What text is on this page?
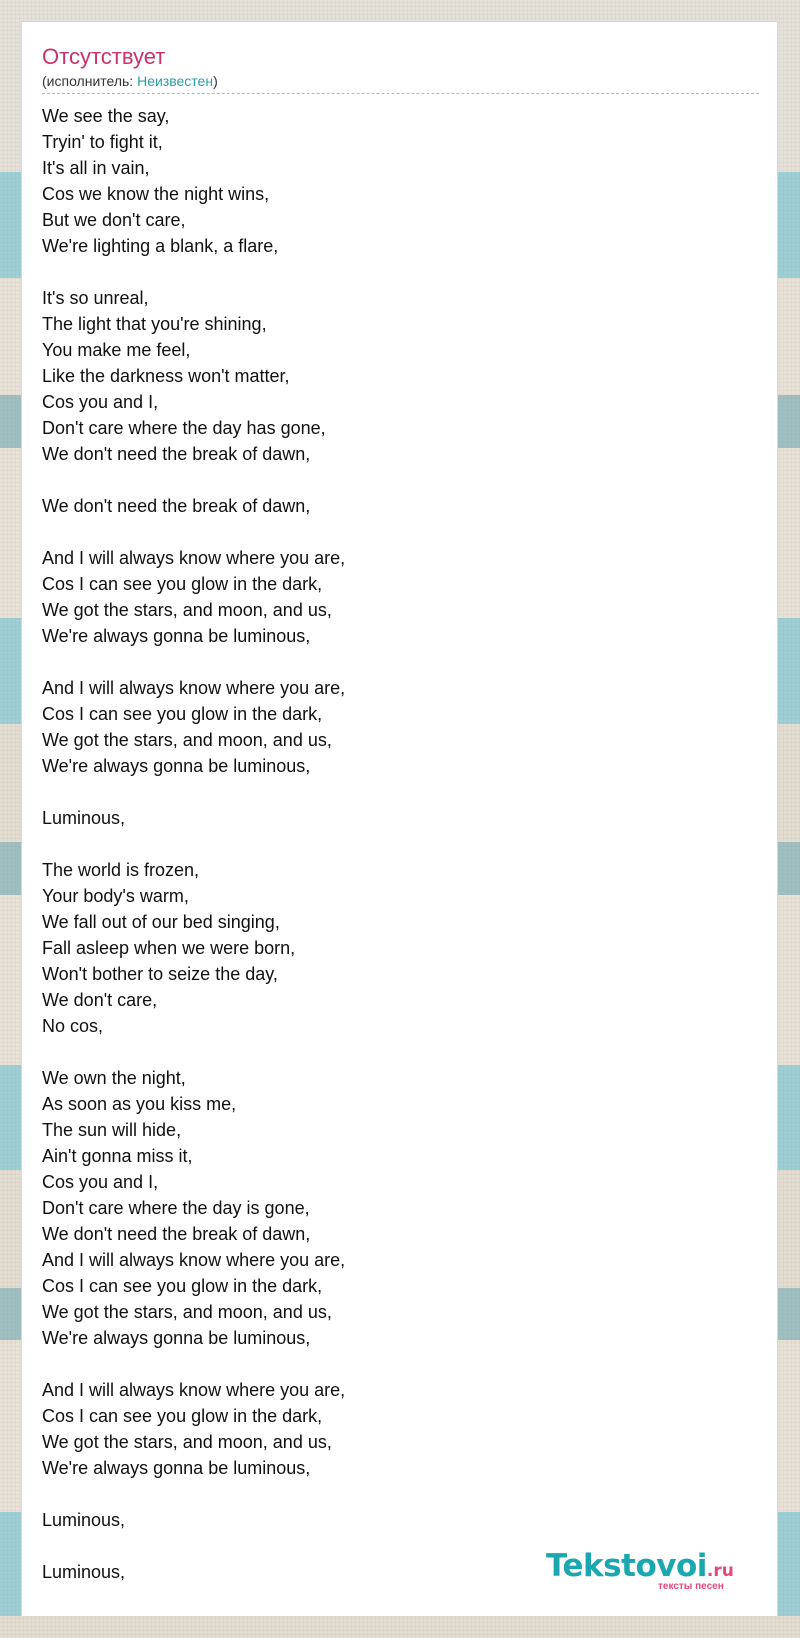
Отсутствует
(исполнитель: Неизвестен)
We see the say,
Tryin' to fight it,
It's all in vain,
Cos we know the night wins,
But we don't care,
We're lighting a blank, a flare,

It's so unreal,
The light that you're shining,
You make me feel,
Like the darkness won't matter,
Cos you and I,
Don't care where the day has gone,
We don't need the break of dawn,

We don't need the break of dawn,

And I will always know where you are,
Cos I can see you glow in the dark,
We got the stars, and moon, and us,
We're always gonna be luminous,

And I will always know where you are,
Cos I can see you glow in the dark,
We got the stars, and moon, and us,
We're always gonna be luminous,

Luminous,

The world is frozen,
Your body's warm,
We fall out of our bed singing,
Fall asleep when we were born,
Won't bother to seize the day,
We don't care,
No cos,

We own the night,
As soon as you kiss me,
The sun will hide,
Ain't gonna miss it,
Cos you and I,
Don't care where the day is gone,
We don't need the break of dawn,
And I will always know where you are,
Cos I can see you glow in the dark,
We got the stars, and moon, and us,
We're always gonna be luminous,

And I will always know where you are,
Cos I can see you glow in the dark,
We got the stars, and moon, and us,
We're always gonna be luminous,

Luminous,

Luminous,	Tekstovoi.ru
тексты песен
